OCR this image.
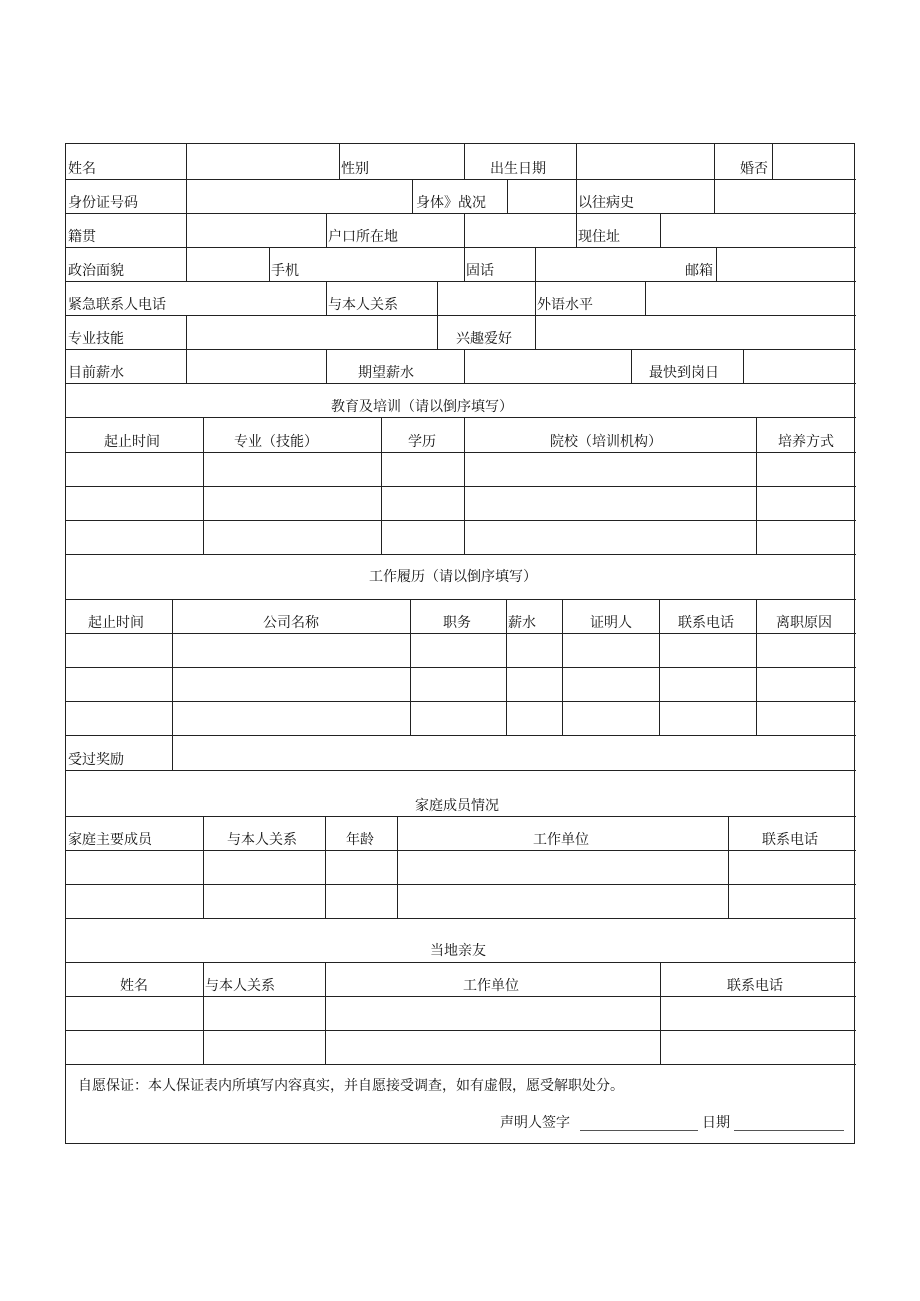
姓名	性别	出生日期	婚否
身份证号码	身体》战况	以往病史
籍贯	户口所在地	现住址
政治面貌	手机	固话	邮箱
紧急联系人电话	与本人关系	外语水平
专业技能	兴趣爱好
目前薪水	期望薪水	最快到岗日
教育及培训（请以倒序填写）
起止时间	专业（技能）	学历	院校（培训机构）	培养方式
工作履历（请以倒序填写）
起止时间	公司名称	职务	薪水	证明人	联系电话	离职原因
受过奖励
家庭成员情况
家庭主要成员	与本人关系	年龄	工作单位	联系电话
当地亲友
姓名	与本人关系	工作单位	联系电话
自愿保证：本人保证表内所填写内容真实，并自愿接受调查，如有虚假，愿受解职处分。
声明人签字	日期
